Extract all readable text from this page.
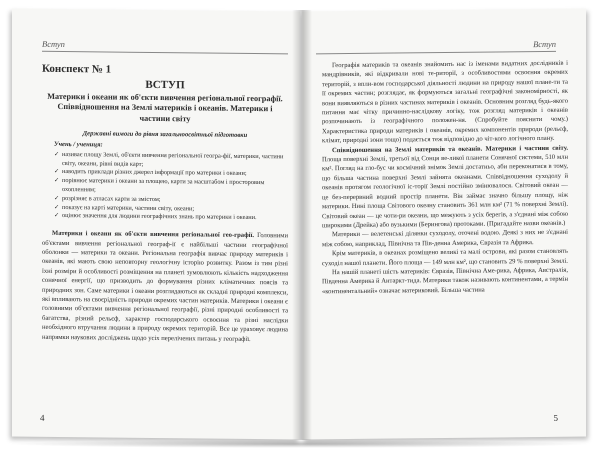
Вступ
Конспект № 1
ВСТУП
Материки і океани як об'єкти вивчення регіональної географії. Співвідношення на Землі материків і океанів. Материки і частини світу
Державні вимоги до рівня загальноосвітньої підготовки
Учень / учениця:
✓ називає площу Землі, об'єкти вивчення регіональної геогра-фії, материки, частини світу, океани, рівні видів карт;
✓ наводить приклади різних джерел інформації про материки і океани;
✓ порівнює материки і океани за площею, карти за масштабом і просторовим охопленням;
✓ розрізняє в атласах карти за змістом;
✓ показує на карті материки, частини світу, океани;
✓ оцінює значення для людини географічних знань про материки і океани.

Материки і океани як об'єкти вивчення регіональної гео-графії. Головними об'єктами вивчення регіональної географ-ії є найбільші частини географічної оболонки — материки та океани. Регіональна географія вивчає природу материків і океанів, які мають свою неповторну геологічну історію розвитку. Разом із тим різні їхні розміри й особливості розміщення на планеті зумовлюють кількість надходження сонячної енергії, що призводить до формування різних кліматичних поясів та природних зон. Саме материки і океани розглядаються як складні природні комплекси, які впливають на своєрідність природи окремих частин материків. Материки і океани є головними об'єктами вивчення регіональної географії, різні природні особливості та багатства, різний рельєф, характер господарського освоєння та різні наслідки необхідного втручання людини в природу окремих територій. Все це ураховує людина напрямки наукових досліджень щодо усіх перелічених питань у географії.

4
Вступ

Географія материків та океанів знайомить нас із іменами видатних дослідників і мандрівників, які відкривали нові те-риторії, з особливостями освоєння окремих територій, з впли-вом господарської діяльності людини на природу нашої плане-ти та її окремих частин; розглядає, як формуються загальні географічні закономірності, як вони виявляються в різних частинах материків і океанів. Основним розгляд будь-якого питання має чітку причинно-наслідкову логіку, тож розгляд материків і океанів розпочинають із географічного положен-ня. (Спробуйте пояснити чому.) Характеристика природи материків і океанів, окремих компонентів природи (рельєф, клімат, природні зони тощо) подається теж відповідно до чіт-кого логічного плану.

Співвідношення на Землі материків та океанів. Материки і частини світу. Площа поверхні Землі, третьої від Сонця ве-ликої планети Сонячної системи, 510 млн км². Погляд на гло-бус чи космічний знімок Землі достатньо, аби переконатися в тому, що більша частина поверхні Землі зайнята океанами. Співвідношення суходолу й океанів протягом геологічної іс-торії Землі постійно змінювалося. Світовий океан — це без-перервний водний простір планети. Він займає значно більшу площу, ніж материки. Нині площа Світового океану становить 361 млн км² (71 % поверхні Землі). Світовий океан — це чоти-ри океани, що межують з усіх берегів, а з'єднані між собою широкими (Дрейка) або вузькими (Берингова) протоками. (Пригадайте назви океанів.)

Материки — велетенські ділянки суходолу, оточені водою. Деякі з них не з'єднані між собою, наприклад, Північна та Пів-денна Америка, Євразія та Африка.

Крім материків, в океанах розміщено великі та малі острови, які разом становлять суходіл нашої планети. Його площа — 149 млн км², що становить 29 % поверхні Землі.

На нашій планеті шість материків: Євразія, Північна Аме-рика, Африка, Австралія, Південна Америка й Антаркт-тида. Материки також називають континентами, а термін «континентальний» означає материковий. Більша частина

5
